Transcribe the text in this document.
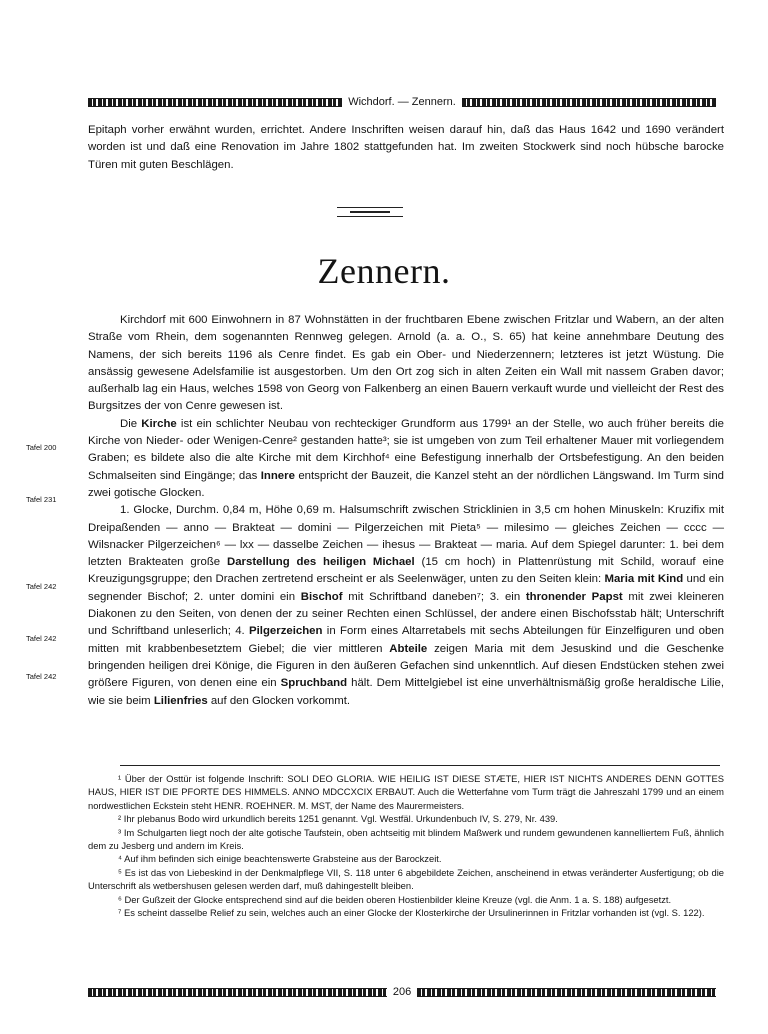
Wichdorf. — Zennern.

Epitaph vorher erwähnt wurden, errichtet. Andere Inschriften weisen darauf hin, daß das Haus 1642 und 1690 verändert worden ist und daß eine Renovation im Jahre 1802 stattgefunden hat. Im zweiten Stockwerk sind noch hübsche barocke Türen mit guten Beschlägen.

Zennern.

Kirchdorf mit 600 Einwohnern in 87 Wohnstätten in der fruchtbaren Ebene zwischen Fritzlar und Wabern, an der alten Straße vom Rhein, dem sogenannten Rennweg gelegen. Arnold (a. a. O., S. 65) hat keine annehmbare Deutung des Namens, der sich bereits 1196 als Cenre findet. Es gab ein Ober- und Niederzennern; letzteres ist jetzt Wüstung. Die ansässig gewesene Adelsfamilie ist ausgestorben. Um den Ort zog sich in alten Zeiten ein Wall mit nassem Graben davor; außerhalb lag ein Haus, welches 1598 von Georg von Falkenberg an einen Bauern verkauft wurde und vielleicht der Rest des Burgsitzes der von Cenre gewesen ist.

Die Kirche ist ein schlichter Neubau von rechteckiger Grundform aus 1799¹ an der Stelle, wo auch früher bereits die Kirche von Nieder- oder Wenigen-Cenre² gestanden hatte³; sie ist umgeben von zum Teil erhaltener Mauer mit vorliegendem Graben; es bildete also die alte Kirche mit dem Kirchhof⁴ eine Befestigung innerhalb der Ortsbefestigung. An den beiden Schmalseiten sind Eingänge; das Innere entspricht der Bauzeit, die Kanzel steht an der nördlichen Längswand. Im Turm sind zwei gotische Glocken.

1. Glocke, Durchm. 0,84 m, Höhe 0,69 m. Halsumschrift zwischen Stricklinien in 3,5 cm hohen Minuskeln: Kruzifix mit Dreipaßenden — anno — Brakteat — domini — Pilgerzeichen mit Pieta⁵ — milesimo — gleiches Zeichen — cccc — Wilsnacker Pilgerzeichen⁶ — lxx — dasselbe Zeichen — ihesus — Brakteat — maria. Auf dem Spiegel darunter: 1. bei dem letzten Brakteaten große Darstellung des heiligen Michael (15 cm hoch) in Plattenrüstung mit Schild, worauf eine Kreuzigungsgruppe; den Drachen zertretend erscheint er als Seelenwäger, unten zu den Seiten klein: Maria mit Kind und ein segnender Bischof; 2. unter domini ein Bischof mit Schriftband daneben⁷; 3. ein thronender Papst mit zwei kleineren Diakonen zu den Seiten, von denen der zu seiner Rechten einen Schlüssel, der andere einen Bischofsstab hält; Unterschrift und Schriftband unleserlich; 4. Pilgerzeichen in Form eines Altarretabels mit sechs Abteilungen für Einzelfiguren und oben mitten mit krabbenbesetztem Giebel; die vier mittleren Abteile zeigen Maria mit dem Jesuskind und die Geschenke bringenden heiligen drei Könige, die Figuren in den äußeren Gefachen sind unkenntlich. Auf diesen Endstücken stehen zwei größere Figuren, von denen eine ein Spruchband hält. Dem Mittelgiebel ist eine unverhältnismäßig große heraldische Lilie, wie sie beim Lilienfries auf den Glocken vorkommt.

Tafel 200
Tafel 231
Tafel 242
Tafel 242
Tafel 242

¹ Über der Osttür ist folgende Inschrift: SOLI DEO GLORIA. WIE HEILIG IST DIESE STÆTE, HIER IST NICHTS ANDERES DENN GOTTES HAUS, HIER IST DIE PFORTE DES HIMMELS. ANNO MDCCXCIX ERBAUT. Auch die Wetterfahne vom Turm trägt die Jahreszahl 1799 und an einem nordwestlichen Eckstein steht HENR. ROEHNER. M. MST, der Name des Maurermeisters.

² Ihr plebanus Bodo wird urkundlich bereits 1251 genannt. Vgl. Westfäl. Urkundenbuch IV, S. 279, Nr. 439.

³ Im Schulgarten liegt noch der alte gotische Taufstein, oben achtseitig mit blindem Maßwerk und rundem gewundenen kannelliertem Fuß, ähnlich dem zu Jesberg und andern im Kreis.

⁴ Auf ihm befinden sich einige beachtenswerte Grabsteine aus der Barockzeit.

⁵ Es ist das von Liebeskind in der Denkmalpflege VII, S. 118 unter 6 abgebildete Zeichen, anscheinend in etwas veränderter Ausfertigung; ob die Unterschrift als wetbershusen gelesen werden darf, muß dahingestellt bleiben.

⁶ Der Gußzeit der Glocke entsprechend sind auf die beiden oberen Hostienbilder kleine Kreuze (vgl. die Anm. 1 a. S. 188) aufgesetzt.

⁷ Es scheint dasselbe Relief zu sein, welches auch an einer Glocke der Klosterkirche der Ursulinerinnen in Fritzlar vorhanden ist (vgl. S. 122).

206
